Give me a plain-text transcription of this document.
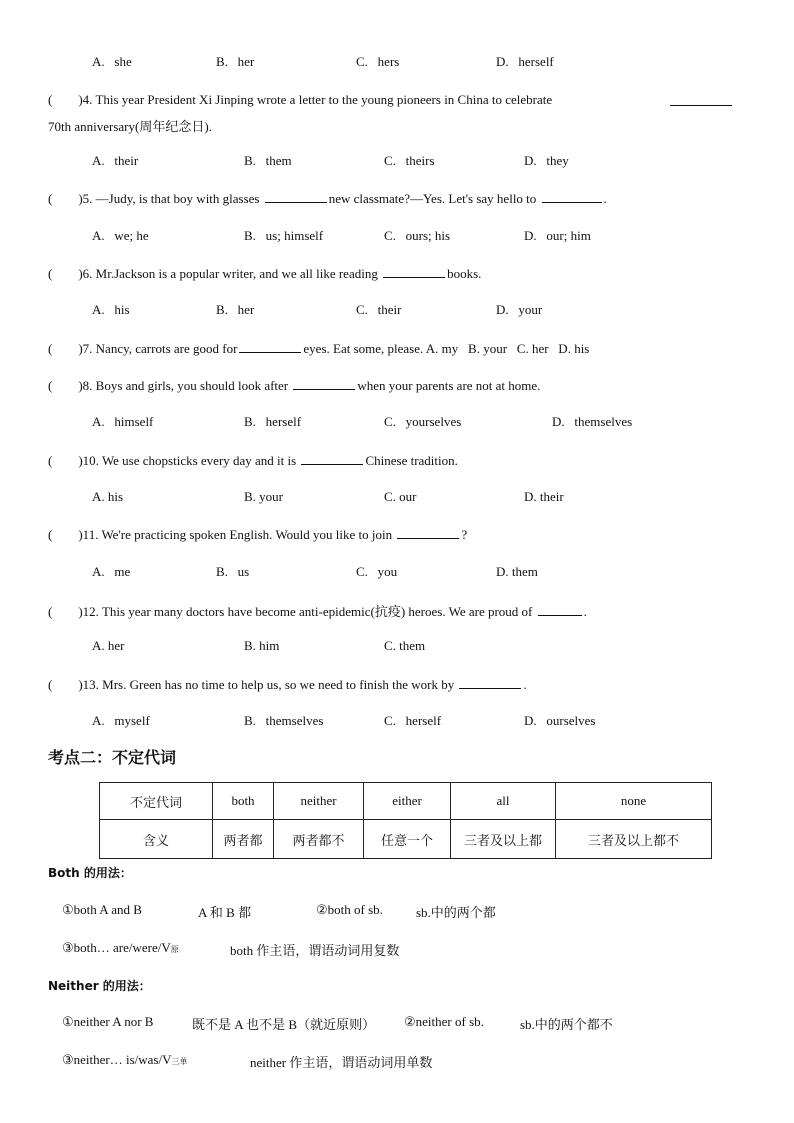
A.   she	B.   her	C.   hers	D.   herself
( )4. This year President Xi Jinping wrote a letter to the young pioneers in China to celebrate
70th anniversary(周年纪念日).
A.   their	B.   them	C.   theirs	D.   they
( )5. —Judy, is that boy with glasses	new classmate?—Yes. Let's say hello to	.
A.   we; he	B.   us; himself	C.   ours; his	D.   our; him
( )6. Mr.Jackson is a popular writer, and we all like reading	books.
A.   his	B.   her	C.   their	D.   your
( )7. Nancy, carrots are good for	eyes. Eat some, please. A. my   B. your   C. her   D. his
( )8. Boys and girls, you should look after	when your parents are not at home.
A.   himself	B.   herself	C.   yourselves	D.   themselves
( )10. We use chopsticks every day and it is	Chinese tradition.
A. his	B. your	C. our	D. their
( )11. We're practicing spoken English. Would you like to join	?
A.   me	B.   us	C.   you	D. them
( )12. This year many doctors have become anti-epidemic(抗疫) heroes. We are proud of	.
A. her	B. him	C. them
( )13. Mrs. Green has no time to help us, so we need to finish the work by	.
A.   myself	B.   themselves	C.   herself	D.   ourselves
考点二：不定代词
不定代词	both	neither	either	all	none
含义	两者都	两者都不	任意一个	三者及以上都	三者及以上都不
Both 的用法：
①both A and B	A 和 B 都	②both of sb.	sb.中的两个都
③both… are/were/V原	both 作主语，谓语动词用复数
Neither 的用法：
①neither A nor B	既不是 A 也不是 B（就近原则） ②neither of sb.	sb.中的两个都不
③neither… is/was/V三单	neither 作主语，谓语动词用单数
